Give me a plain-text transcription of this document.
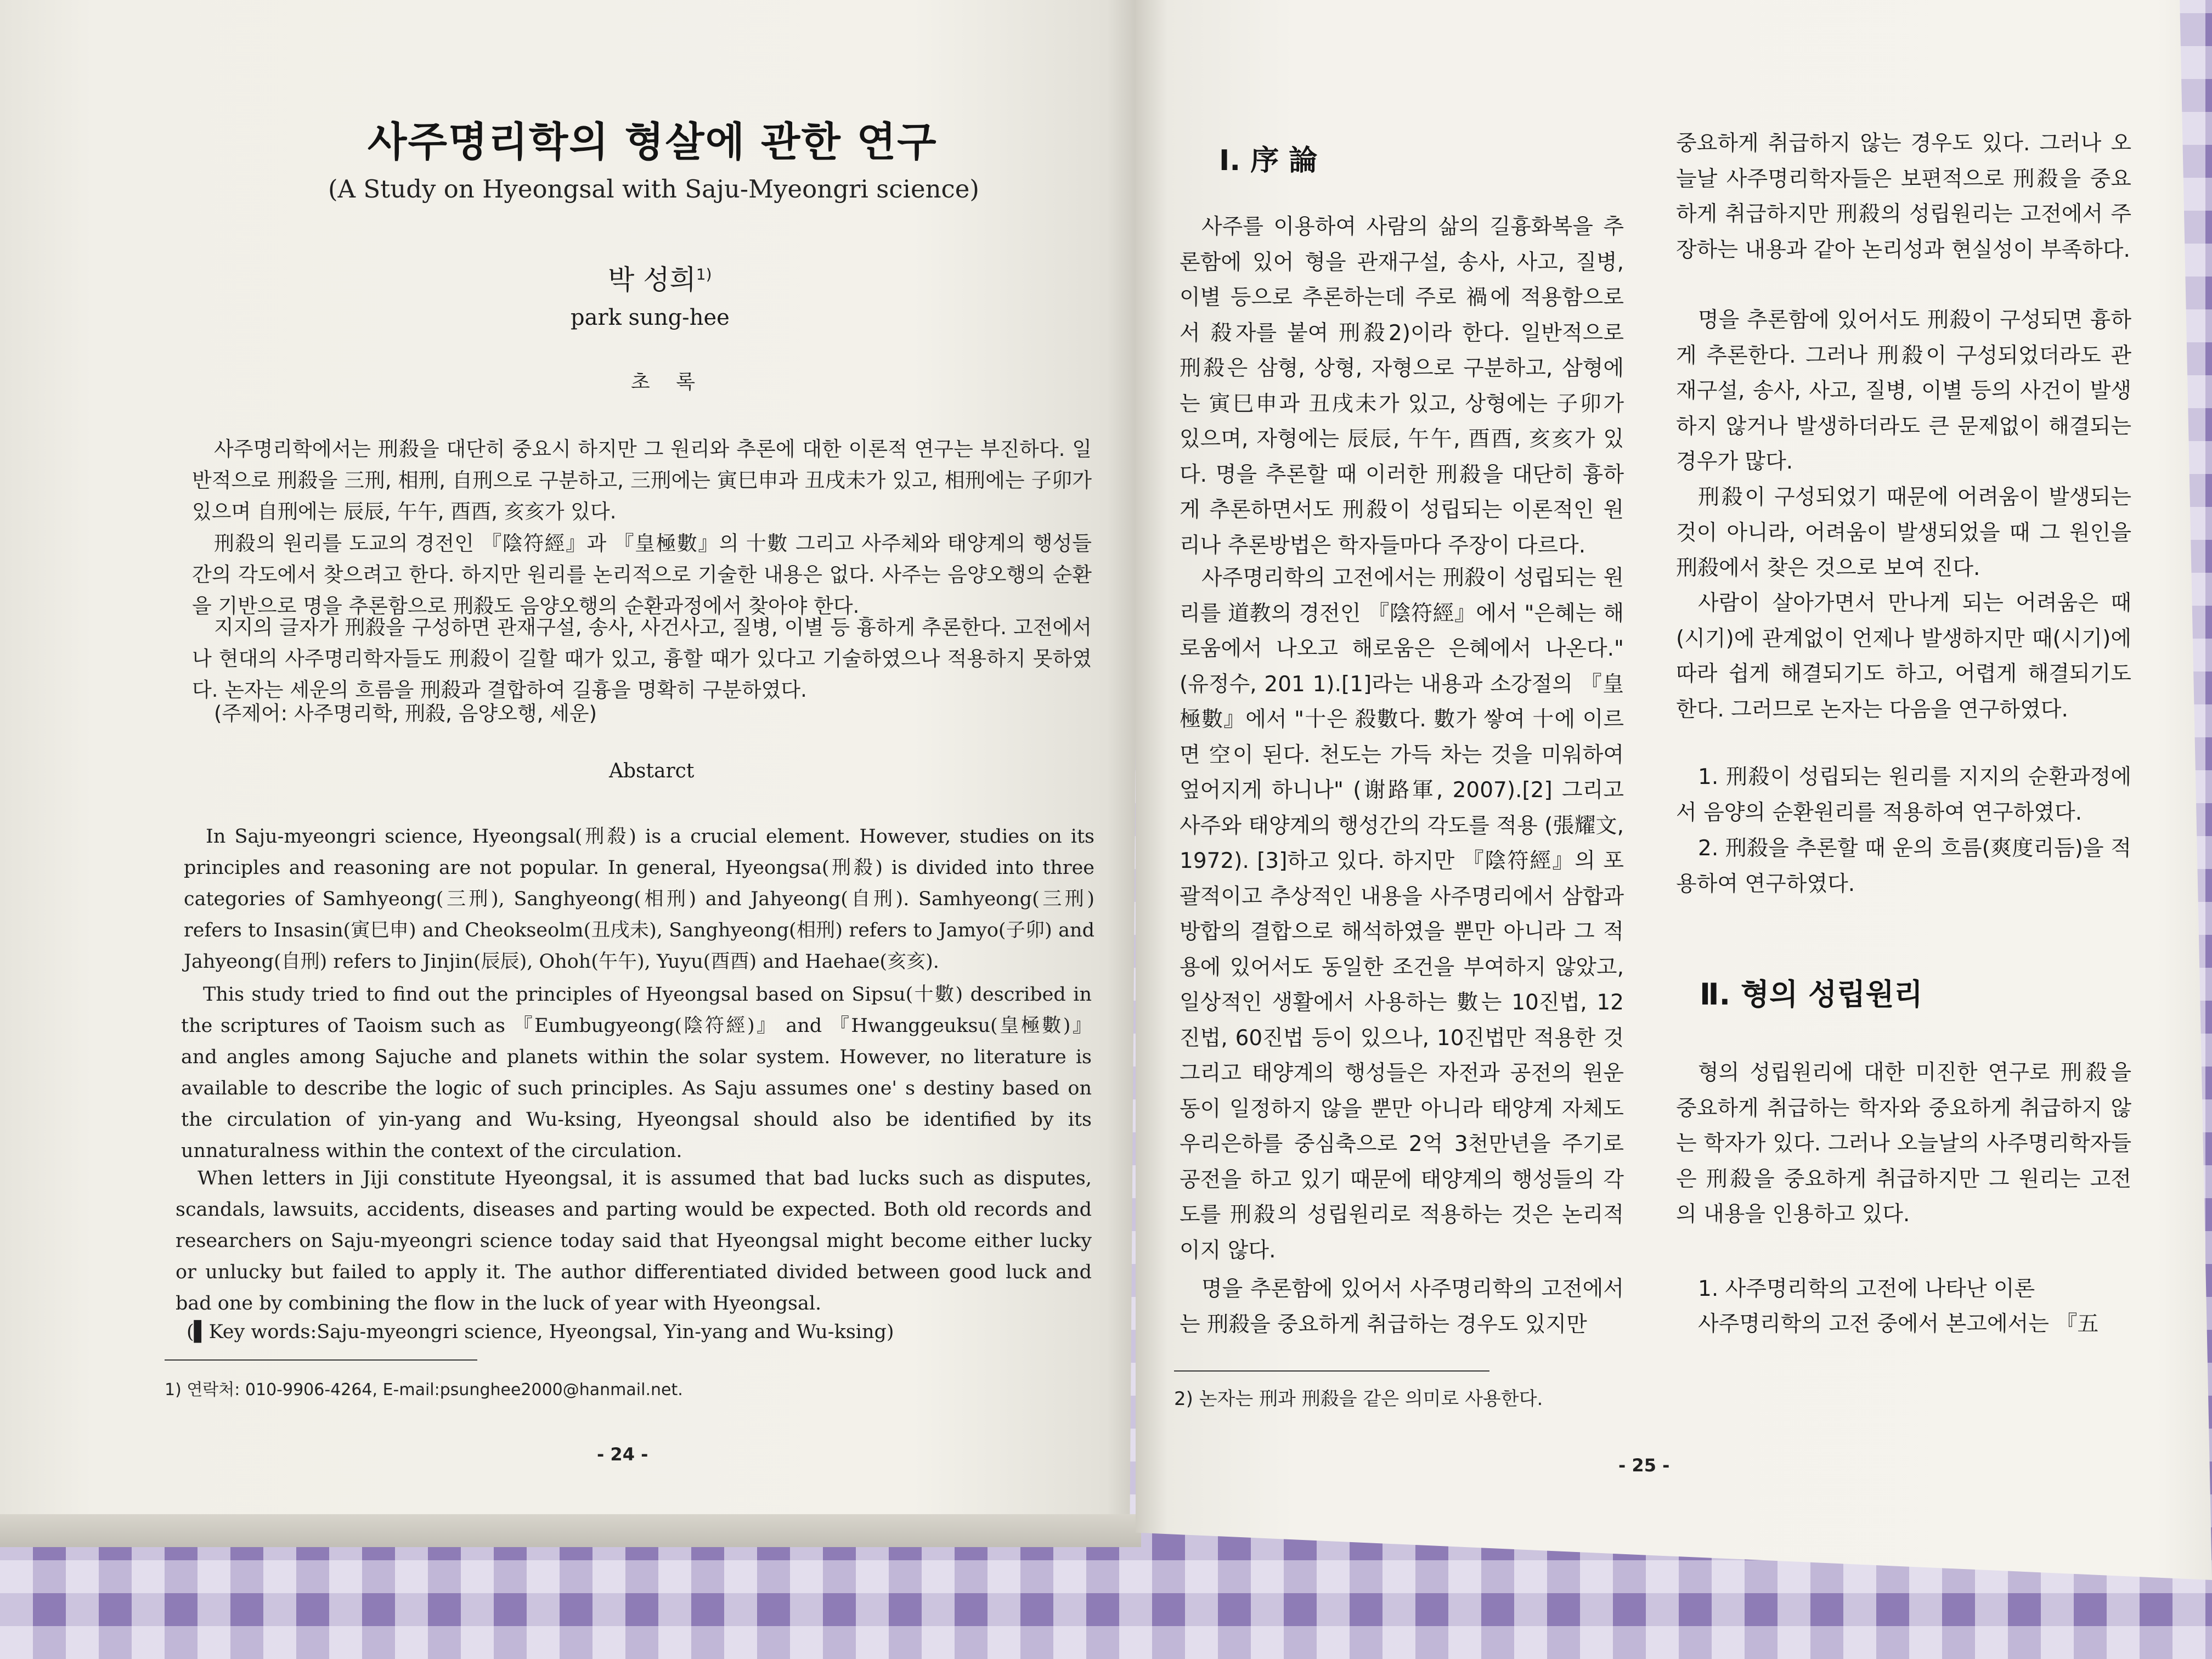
사주명리학의 형살에 관한 연구
(A Study on Hyeongsal with Saju-Myeongri science)
박 성희$^{1)}$
park sung-hee
초 록
사주명리학에서는 刑殺을 대단히 중요시 하지만 그 원리와 추론에 대한 이론적 연구는 부진하다. 일반적으로 刑殺을 三刑, 相刑, 自刑으로 구분하고, 三刑에는 寅巳申과 丑戌未가 있고, 相刑에는 子卯가 있으며 自刑에는 辰辰, 午午, 酉酉, 亥亥가 있다.
刑殺의 원리를 도교의 경전인 『陰符經』과 『皇極數』의 十數 그리고 사주체와 태양계의 행성들간의 각도에서 찾으려고 한다. 하지만 원리를 논리적으로 기술한 내용은 없다. 사주는 음양오행의 순환을 기반으로 명을 추론함으로 刑殺도 음양오행의 순환과정에서 찾아야 한다.
지지의 글자가 刑殺을 구성하면 관재구설, 송사, 사건사고, 질병, 이별 등 흉하게 추론한다. 고전에서나 현대의 사주명리학자들도 刑殺이 길할 때가 있고, 흉할 때가 있다고 기술하였으나 적용하지 못하였다. 논자는 세운의 흐름을 刑殺과 결합하여 길흉을 명확히 구분하였다.
(주제어: 사주명리학, 刑殺, 음양오행, 세운)
Abstarct
In Saju-myeongri science, Hyeongsal(刑殺) is a crucial element. However, studies on its principles and reasoning are not popular. In general, Hyeongsa(刑殺) is divided into three categories of Samhyeong(三刑), Sanghyeong(相刑) and Jahyeong(自刑). Samhyeong(三刑) refers to Insasin(寅巳申) and Cheokseolm(丑戌未), Sanghyeong(相刑) refers to Jamyo(子卯) and Jahyeong(自刑) refers to Jinjin(辰辰), Ohoh(午午), Yuyu(酉酉) and Haehae(亥亥).
This study tried to find out the principles of Hyeongsal based on Sipsu(十數) described in the scriptures of Taoism such as 『Eumbugyeong(陰符經)』 and 『Hwanggeuksu(皇極數)』 and angles among Sajuche and planets within the solar system. However, no literature is available to describe the logic of such principles. As Saju assumes one' s destiny based on the circulation of yin-yang and Wu-ksing, Hyeongsal should also be identified by its unnaturalness within the context of the circulation.
When letters in Jiji constitute Hyeongsal, it is assumed that bad lucks such as disputes, scandals, lawsuits, accidents, diseases and parting would be expected. Both old records and researchers on Saju-myeongri science today said that Hyeongsal might become either lucky or unlucky but failed to apply it. The author differentiated divided between good luck and bad one by combining the flow in the luck of year with Hyeongsal.
(▌Key words:Saju-myeongri science, Hyeongsal, Yin-yang and Wu-ksing)
1) 연락처: 010-9906-4264, E-mail:psunghee2000@hanmail.net.
- 24 -
Ⅰ. 序 論
사주를 이용하여 사람의 삶의 길흉화복을 추론함에 있어 형을 관재구설, 송사, 사고, 질병, 이별 등으로 추론하는데 주로 禍에 적용함으로서 殺자를 붙여 刑殺2)이라 한다. 일반적으로 刑殺은 삼형, 상형, 자형으로 구분하고, 삼형에는 寅巳申과 丑戌未가 있고, 상형에는 子卯가 있으며, 자형에는 辰辰, 午午, 酉酉, 亥亥가 있다. 명을 추론할 때 이러한 刑殺을 대단히 흉하게 추론하면서도 刑殺이 성립되는 이론적인 원리나 추론방법은 학자들마다 주장이 다르다.
사주명리학의 고전에서는 刑殺이 성립되는 원리를 道教의 경전인 『陰符經』에서 "은혜는 해로움에서 나오고 해로움은 은혜에서 나온다." (유정수, 201 1).[1]라는 내용과 소강절의 『皇極數』에서 "十은 殺數다. 數가 쌓여 十에 이르면 空이 된다. 천도는 가득 차는 것을 미워하여 엎어지게 하니나" (谢路軍, 2007).[2] 그리고 사주와 태양계의 행성간의 각도를 적용 (張耀文, 1972). [3]하고 있다. 하지만 『陰符經』의 포괄적이고 추상적인 내용을 사주명리에서 삼합과 방합의 결합으로 해석하였을 뿐만 아니라 그 적용에 있어서도 동일한 조건을 부여하지 않았고, 일상적인 생활에서 사용하는 數는 10진법, 12진법, 60진법 등이 있으나, 10진법만 적용한 것 그리고 태양계의 행성들은 자전과 공전의 원운동이 일정하지 않을 뿐만 아니라 태양계 자체도 우리은하를 중심축으로 2억 3천만년을 주기로 공전을 하고 있기 때문에 태양계의 행성들의 각도를 刑殺의 성립원리로 적용하는 것은 논리적이지 않다.
명을 추론함에 있어서 사주명리학의 고전에서는 刑殺을 중요하게 취급하는 경우도 있지만
2) 논자는 刑과 刑殺을 같은 의미로 사용한다.
중요하게 취급하지 않는 경우도 있다. 그러나 오늘날 사주명리학자들은 보편적으로 刑殺을 중요하게 취급하지만 刑殺의 성립원리는 고전에서 주장하는 내용과 같아 논리성과 현실성이 부족하다.
명을 추론함에 있어서도 刑殺이 구성되면 흉하게 추론한다. 그러나 刑殺이 구성되었더라도 관재구설, 송사, 사고, 질병, 이별 등의 사건이 발생하지 않거나 발생하더라도 큰 문제없이 해결되는 경우가 많다.
刑殺이 구성되었기 때문에 어려움이 발생되는 것이 아니라, 어려움이 발생되었을 때 그 원인을 刑殺에서 찾은 것으로 보여 진다.
사람이 살아가면서 만나게 되는 어려움은 때(시기)에 관계없이 언제나 발생하지만 때(시기)에 따라 쉽게 해결되기도 하고, 어렵게 해결되기도 한다. 그러므로 논자는 다음을 연구하였다.
1. 刑殺이 성립되는 원리를 지지의 순환과정에서 음양의 순환원리를 적용하여 연구하였다.
2. 刑殺을 추론할 때 운의 흐름(爽度리듬)을 적용하여 연구하였다.
Ⅱ. 형의 성립원리
형의 성립원리에 대한 미진한 연구로 刑殺을 중요하게 취급하는 학자와 중요하게 취급하지 않는 학자가 있다. 그러나 오늘날의 사주명리학자들은 刑殺을 중요하게 취급하지만 그 원리는 고전의 내용을 인용하고 있다.
1. 사주명리학의 고전에 나타난 이론
사주명리학의 고전 중에서 본고에서는 『五
- 25 -
